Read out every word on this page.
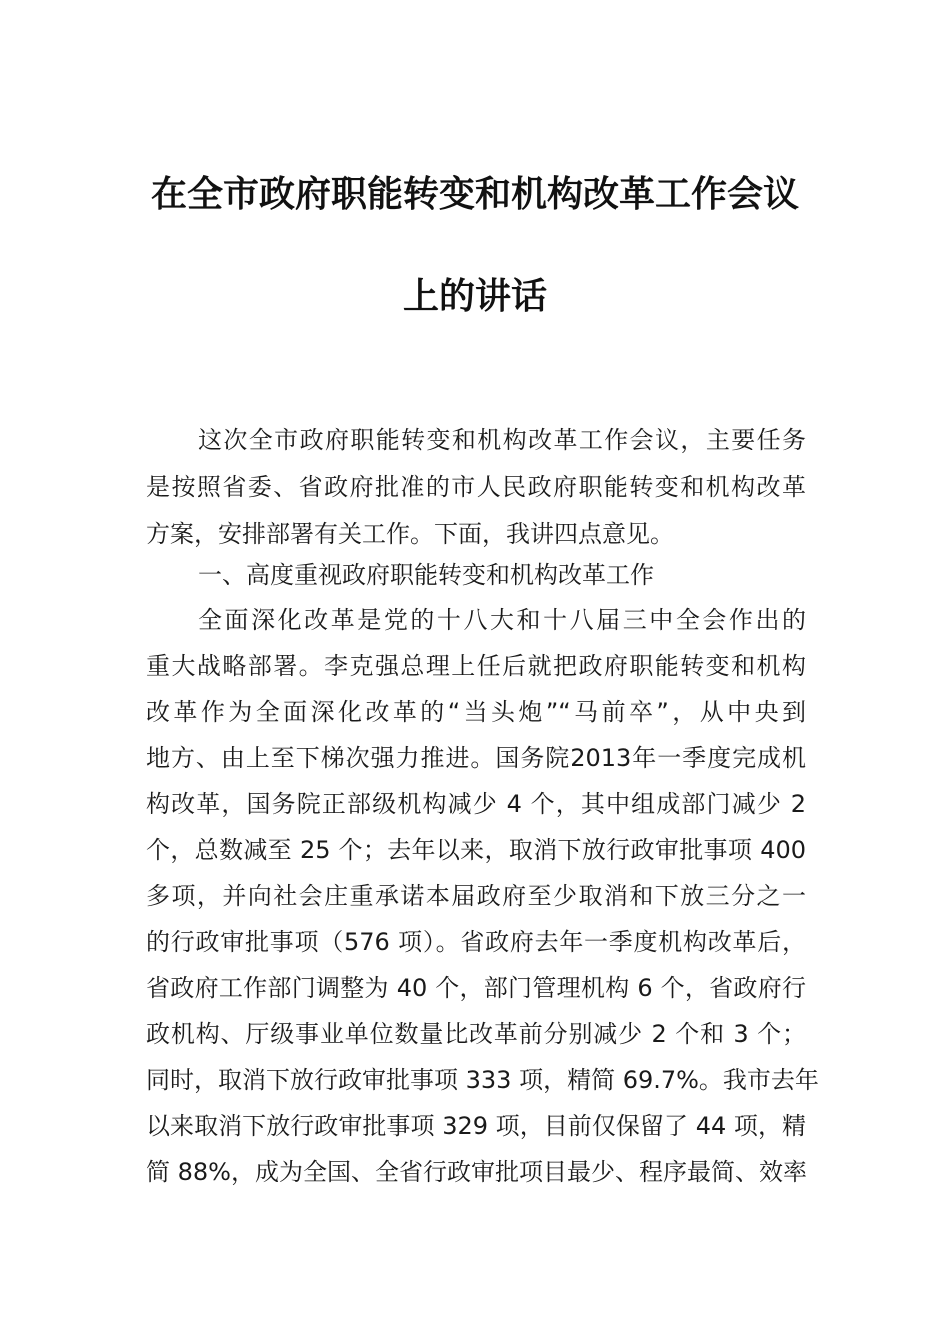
在全市政府职能转变和机构改革工作会议
上的讲话
这次全市政府职能转变和机构改革工作会议，主要任务
是按照省委、省政府批准的市人民政府职能转变和机构改革
方案，安排部署有关工作。下面，我讲四点意见。
一、高度重视政府职能转变和机构改革工作
全面深化改革是党的十八大和十八届三中全会作出的
重大战略部署。李克强总理上任后就把政府职能转变和机构
改革作为全面深化改革的“当头炮”“马前卒”，从中央到
地方、由上至下梯次强力推进。国务院2013年一季度完成机
构改革，国务院正部级机构减少 4 个，其中组成部门减少 2
个，总数减至 25 个；去年以来，取消下放行政审批事项 400
多项，并向社会庄重承诺本届政府至少取消和下放三分之一
的行政审批事项（576 项）。省政府去年一季度机构改革后，
省政府工作部门调整为 40 个，部门管理机构 6 个，省政府行
政机构、厅级事业单位数量比改革前分别减少 2 个和 3 个；
同时，取消下放行政审批事项 333 项，精简 69.7%。我市去年
以来取消下放行政审批事项 329 项，目前仅保留了 44 项，精
简 88%，成为全国、全省行政审批项目最少、程序最简、效率
